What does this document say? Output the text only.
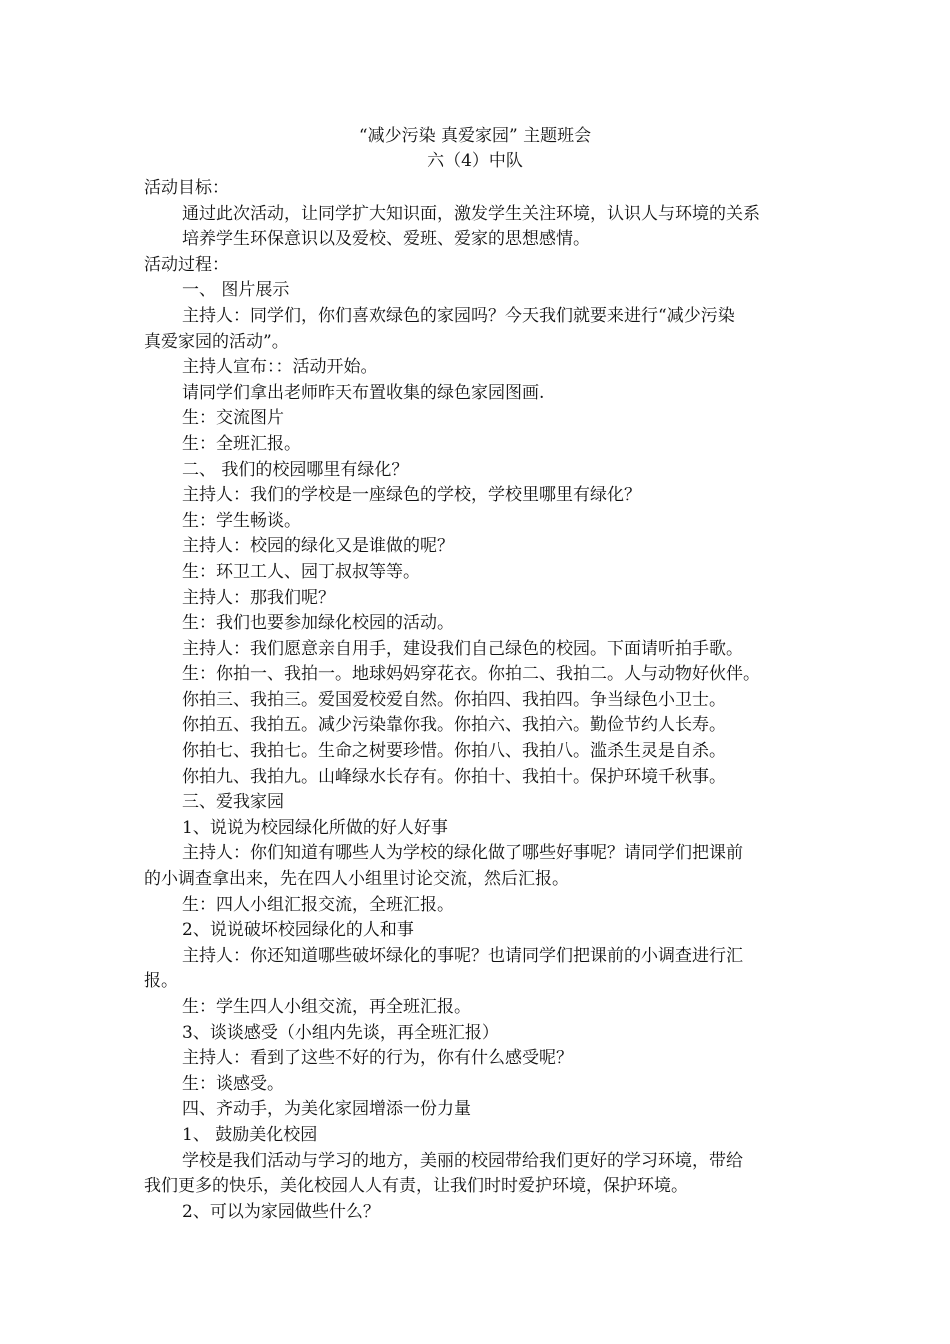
“减少污染 真爱家园” 主题班会
六（4）中队
活动目标：
通过此次活动，让同学扩大知识面，激发学生关注环境，认识人与环境的关系
培养学生环保意识以及爱校、爱班、爱家的思想感情。
活动过程：
一、 图片展示
主持人：同学们，你们喜欢绿色的家园吗？今天我们就要来进行“减少污染
真爱家园的活动”。
主持人宣布：：活动开始。
请同学们拿出老师昨天布置收集的绿色家园图画.
生：交流图片
生：全班汇报。
二、 我们的校园哪里有绿化？
主持人：我们的学校是一座绿色的学校，学校里哪里有绿化？
生：学生畅谈。
主持人：校园的绿化又是谁做的呢？
生：环卫工人、园丁叔叔等等。
主持人：那我们呢？
生：我们也要参加绿化校园的活动。
主持人：我们愿意亲自用手，建设我们自己绿色的校园。下面请听拍手歌。
生：你拍一、我拍一。地球妈妈穿花衣。你拍二、我拍二。人与动物好伙伴。
你拍三、我拍三。爱国爱校爱自然。你拍四、我拍四。争当绿色小卫士。
你拍五、我拍五。减少污染靠你我。你拍六、我拍六。勤俭节约人长寿。
你拍七、我拍七。生命之树要珍惜。你拍八、我拍八。滥杀生灵是自杀。
你拍九、我拍九。山峰绿水长存有。你拍十、我拍十。保护环境千秋事。
三、爱我家园
1、说说为校园绿化所做的好人好事
主持人：你们知道有哪些人为学校的绿化做了哪些好事呢？请同学们把课前
的小调查拿出来，先在四人小组里讨论交流，然后汇报。
生：四人小组汇报交流，全班汇报。
2、说说破坏校园绿化的人和事
主持人：你还知道哪些破坏绿化的事呢？也请同学们把课前的小调查进行汇
报。
生：学生四人小组交流，再全班汇报。
3、谈谈感受（小组内先谈，再全班汇报）
主持人：看到了这些不好的行为，你有什么感受呢？
生：谈感受。
四、齐动手，为美化家园增添一份力量
1、 鼓励美化校园
学校是我们活动与学习的地方，美丽的校园带给我们更好的学习环境，带给
我们更多的快乐，美化校园人人有责，让我们时时爱护环境，保护环境。
2、可以为家园做些什么？
